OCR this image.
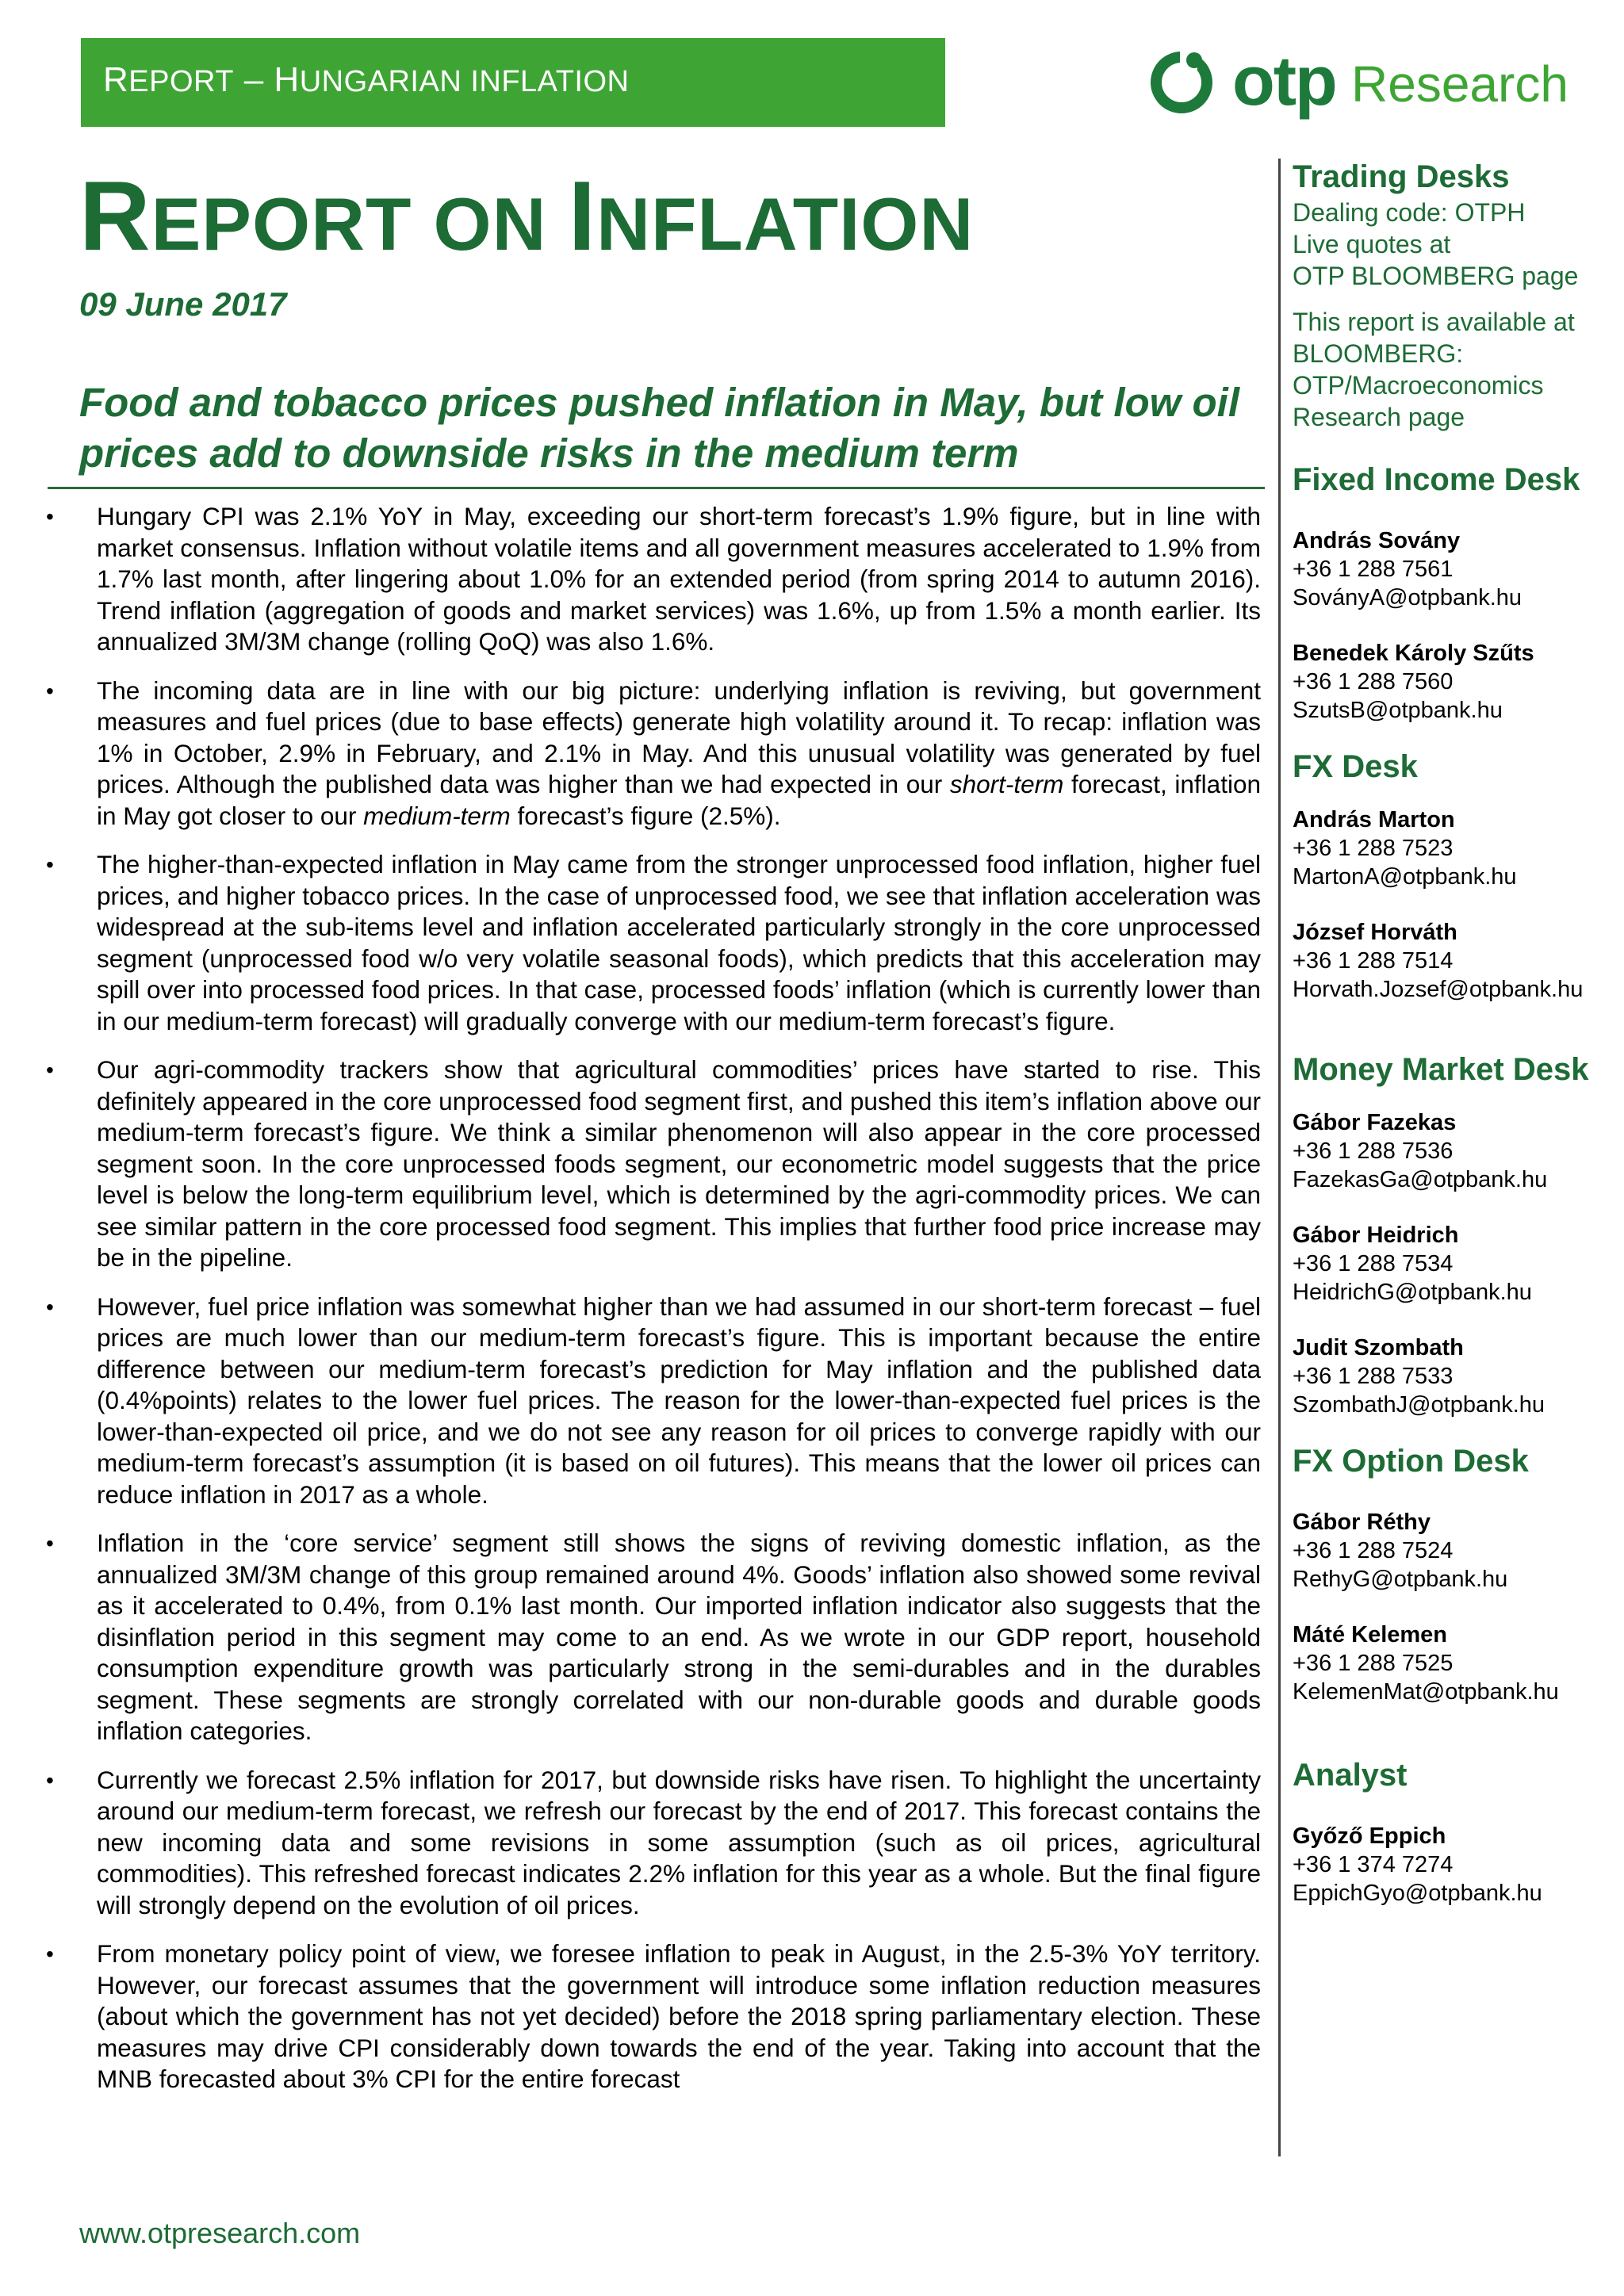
REPORT – HUNGARIAN INFLATION	otp Research
REPORT ON INFLATION
09 June 2017
Food and tobacco prices pushed inflation in May, but low oil prices add to downside risks in the medium term
• Hungary CPI was 2.1% YoY in May, exceeding our short-term forecast’s 1.9% figure, but in line with market consensus. Inflation without volatile items and all government measures accelerated to 1.9% from 1.7% last month, after lingering about 1.0% for an extended period (from spring 2014 to autumn 2016). Trend inflation (aggregation of goods and market services) was 1.6%, up from 1.5% a month earlier. Its annualized 3M/3M change (rolling QoQ) was also 1.6%.
• The incoming data are in line with our big picture: underlying inflation is reviving, but government measures and fuel prices (due to base effects) generate high volatility around it. To recap: inflation was 1% in October, 2.9% in February, and 2.1% in May. And this unusual volatility was generated by fuel prices. Although the published data was higher than we had expected in our short-term forecast, inflation in May got closer to our medium-term forecast’s figure (2.5%).
• The higher-than-expected inflation in May came from the stronger unprocessed food inflation, higher fuel prices, and higher tobacco prices. In the case of unprocessed food, we see that inflation acceleration was widespread at the sub-items level and inflation accelerated particularly strongly in the core unprocessed segment (unprocessed food w/o very volatile seasonal foods), which predicts that this acceleration may spill over into processed food prices. In that case, processed foods’ inflation (which is currently lower than in our medium-term forecast) will gradually converge with our medium-term forecast’s figure.
• Our agri-commodity trackers show that agricultural commodities’ prices have started to rise. This definitely appeared in the core unprocessed food segment first, and pushed this item’s inflation above our medium-term forecast’s figure. We think a similar phenomenon will also appear in the core processed segment soon. In the core unprocessed foods segment, our econometric model suggests that the price level is below the long-term equilibrium level, which is determined by the agri-commodity prices. We can see similar pattern in the core processed food segment. This implies that further food price increase may be in the pipeline.
• However, fuel price inflation was somewhat higher than we had assumed in our short-term forecast – fuel prices are much lower than our medium-term forecast’s figure. This is important because the entire difference between our medium-term forecast’s prediction for May inflation and the published data (0.4%points) relates to the lower fuel prices. The reason for the lower-than-expected fuel prices is the lower-than-expected oil price, and we do not see any reason for oil prices to converge rapidly with our medium-term forecast’s assumption (it is based on oil futures). This means that the lower oil prices can reduce inflation in 2017 as a whole.
• Inflation in the ‘core service’ segment still shows the signs of reviving domestic inflation, as the annualized 3M/3M change of this group remained around 4%. Goods’ inflation also showed some revival as it accelerated to 0.4%, from 0.1% last month. Our imported inflation indicator also suggests that the disinflation period in this segment may come to an end. As we wrote in our GDP report, household consumption expenditure growth was particularly strong in the semi-durables and in the durables segment. These segments are strongly correlated with our non-durable goods and durable goods inflation categories.
• Currently we forecast 2.5% inflation for 2017, but downside risks have risen. To highlight the uncertainty around our medium-term forecast, we refresh our forecast by the end of 2017. This forecast contains the new incoming data and some revisions in some assumption (such as oil prices, agricultural commodities). This refreshed forecast indicates 2.2% inflation for this year as a whole. But the final figure will strongly depend on the evolution of oil prices.
• From monetary policy point of view, we foresee inflation to peak in August, in the 2.5-3% YoY territory. However, our forecast assumes that the government will introduce some inflation reduction measures (about which the government has not yet decided) before the 2018 spring parliamentary election. These measures may drive CPI considerably down towards the end of the year. Taking into account that the MNB forecasted about 3% CPI for the entire forecast
www.otpresearch.com
Trading Desks
Dealing code: OTPH
Live quotes at
OTP BLOOMBERG page
This report is available at
BLOOMBERG:
OTP/Macroeconomics
Research page
Fixed Income Desk
András Sovány
+36 1 288 7561
SoványA@otpbank.hu
Benedek Károly Szűts
+36 1 288 7560
SzutsB@otpbank.hu
FX Desk
András Marton
+36 1 288 7523
MartonA@otpbank.hu
József Horváth
+36 1 288 7514
Horvath.Jozsef@otpbank.hu
Money Market Desk
Gábor Fazekas
+36 1 288 7536
FazekasGa@otpbank.hu
Gábor Heidrich
+36 1 288 7534
HeidrichG@otpbank.hu
Judit Szombath
+36 1 288 7533
SzombathJ@otpbank.hu
FX Option Desk
Gábor Réthy
+36 1 288 7524
RethyG@otpbank.hu
Máté Kelemen
+36 1 288 7525
KelemenMat@otpbank.hu
Analyst
Győző Eppich
+36 1 374 7274
EppichGyo@otpbank.hu
